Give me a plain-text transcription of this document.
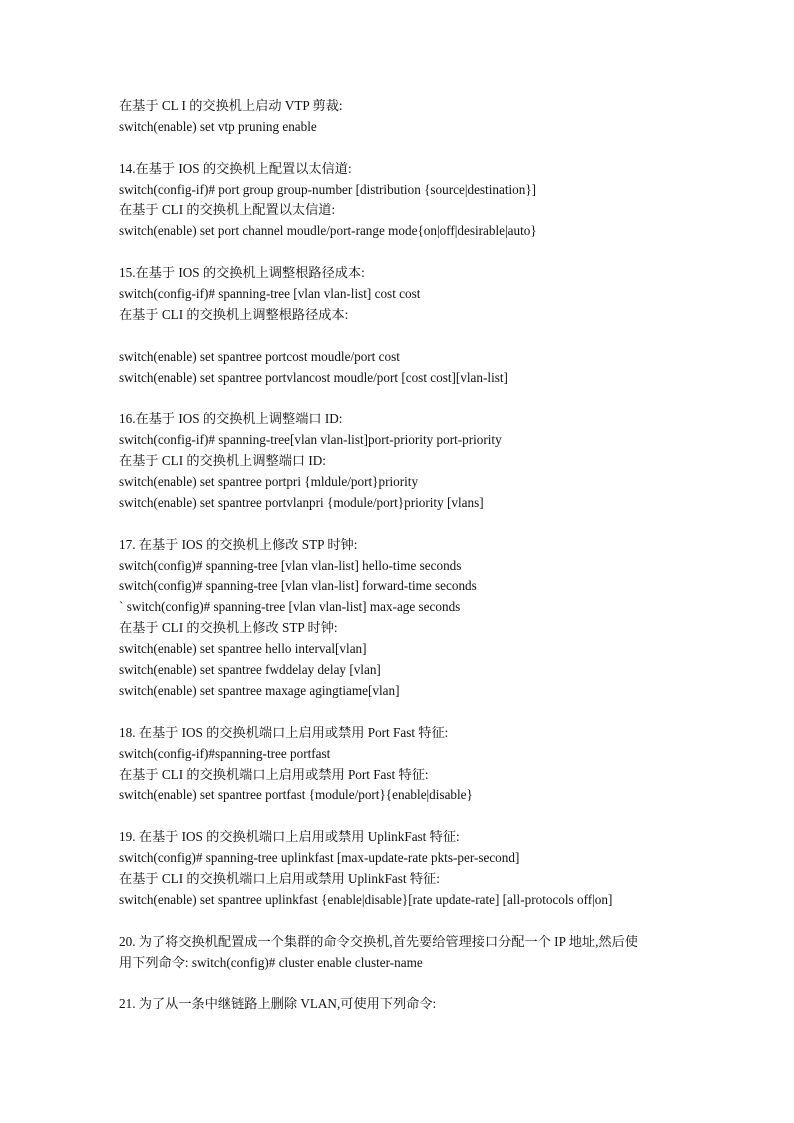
在基于 CL I 的交换机上启动 VTP 剪裁:
switch(enable) set vtp pruning enable
14.在基于 IOS 的交换机上配置以太信道:
switch(config-if)# port group group-number [distribution {source|destination}]
在基于 CLI 的交换机上配置以太信道:
switch(enable) set port channel moudle/port-range mode{on|off|desirable|auto}
15.在基于 IOS 的交换机上调整根路径成本:
switch(config-if)# spanning-tree [vlan vlan-list] cost cost
在基于 CLI 的交换机上调整根路径成本:
switch(enable) set spantree portcost moudle/port cost
switch(enable) set spantree portvlancost moudle/port [cost cost][vlan-list]
16.在基于 IOS 的交换机上调整端口 ID:
switch(config-if)# spanning-tree[vlan vlan-list]port-priority port-priority
在基于 CLI 的交换机上调整端口 ID:
switch(enable) set spantree portpri {mldule/port}priority
switch(enable) set spantree portvlanpri {module/port}priority [vlans]
17. 在基于 IOS 的交换机上修改 STP 时钟:
switch(config)# spanning-tree [vlan vlan-list] hello-time seconds
switch(config)# spanning-tree [vlan vlan-list] forward-time seconds
` switch(config)# spanning-tree [vlan vlan-list] max-age seconds
在基于 CLI 的交换机上修改 STP 时钟:
switch(enable) set spantree hello interval[vlan]
switch(enable) set spantree fwddelay delay [vlan]
switch(enable) set spantree maxage agingtiame[vlan]
18. 在基于 IOS 的交换机端口上启用或禁用 Port Fast 特征:
switch(config-if)#spanning-tree portfast
在基于 CLI 的交换机端口上启用或禁用 Port Fast 特征:
switch(enable) set spantree portfast {module/port}{enable|disable}
19. 在基于 IOS 的交换机端口上启用或禁用 UplinkFast 特征:
switch(config)# spanning-tree uplinkfast [max-update-rate pkts-per-second]
在基于 CLI 的交换机端口上启用或禁用 UplinkFast 特征:
switch(enable) set spantree uplinkfast {enable|disable}[rate update-rate] [all-protocols off|on]
20. 为了将交换机配置成一个集群的命令交换机,首先要给管理接口分配一个 IP 地址,然后使
用下列命令: switch(config)# cluster enable cluster-name
21. 为了从一条中继链路上删除 VLAN,可使用下列命令:
